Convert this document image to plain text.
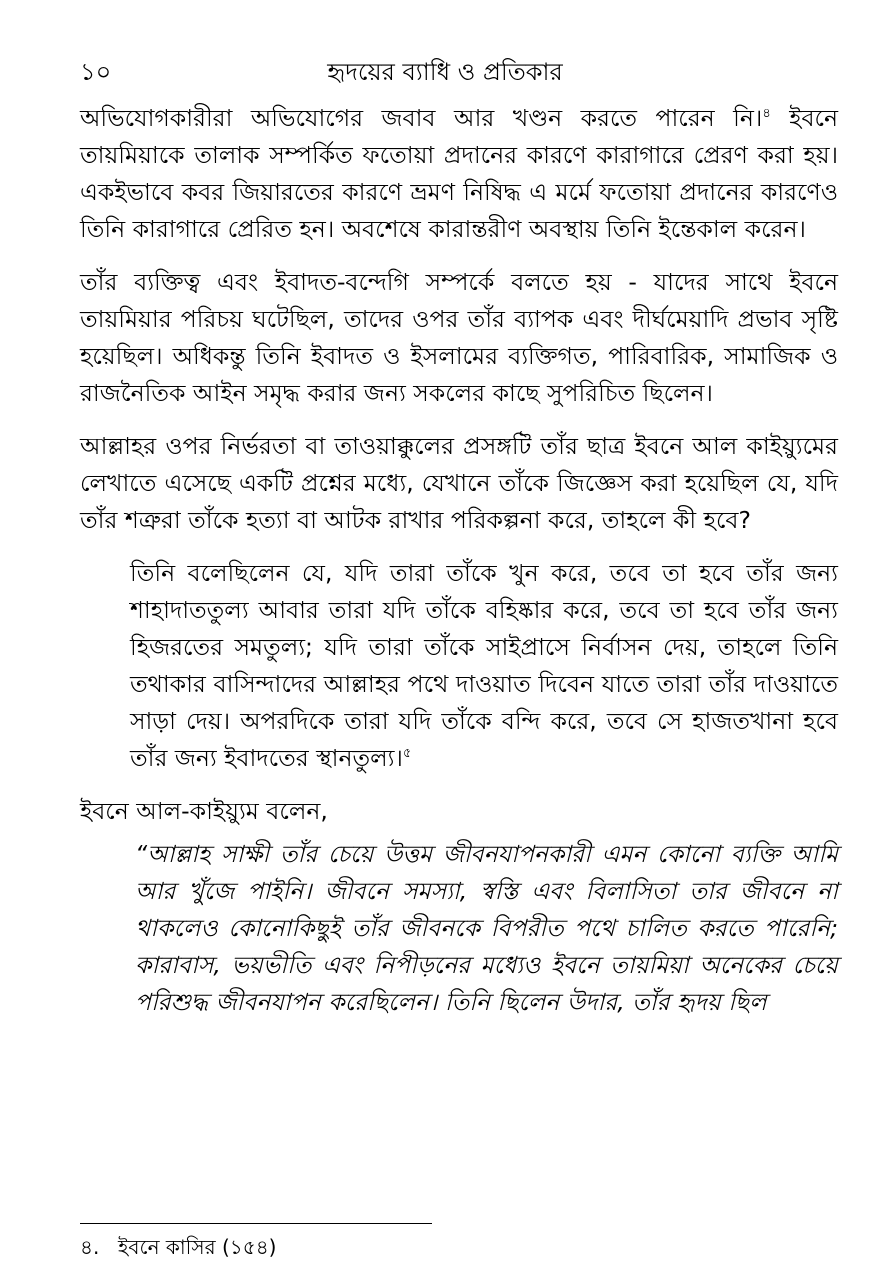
১০	হৃদয়ের ব্যাধি ও প্রতিকার

অভিযোগকারীরা অভিযোগের জবাব আর খণ্ডন করতে পারেন নি।$^৪$ ইবনে তায়মিয়াকে তালাক সম্পর্কিত ফতোয়া প্রদানের কারণে কারাগারে প্রেরণ করা হয়। একইভাবে কবর জিয়ারতের কারণে ভ্রমণ নিষিদ্ধ এ মর্মে ফতোয়া প্রদানের কারণেও তিনি কারাগারে প্রেরিত হন। অবশেষে কারান্তরীণ অবস্থায় তিনি ইন্তেকাল করেন।

তাঁর ব্যক্তিত্ব এবং ইবাদত-বন্দেগি সম্পর্কে বলতে হয় - যাদের সাথে ইবনে তায়মিয়ার পরিচয় ঘটেছিল, তাদের ওপর তাঁর ব্যাপক এবং দীর্ঘমেয়াদি প্রভাব সৃষ্টি হয়েছিল। অধিকন্তু তিনি ইবাদত ও ইসলামের ব্যক্তিগত, পারিবারিক, সামাজিক ও রাজনৈতিক আইন সমৃদ্ধ করার জন্য সকলের কাছে সুপরিচিত ছিলেন।

আল্লাহর ওপর নির্ভরতা বা তাওয়াক্কুলের প্রসঙ্গটি তাঁর ছাত্র ইবনে আল কাইয়্যুমের লেখাতে এসেছে একটি প্রশ্নের মধ্যে, যেখানে তাঁকে জিজ্ঞেস করা হয়েছিল যে, যদি তাঁর শত্রুরা তাঁকে হত্যা বা আটক রাখার পরিকল্পনা করে, তাহলে কী হবে?

তিনি বলেছিলেন যে, যদি তারা তাঁকে খুন করে, তবে তা হবে তাঁর জন্য শাহাদাততুল্য আবার তারা যদি তাঁকে বহিষ্কার করে, তবে তা হবে তাঁর জন্য হিজরতের সমতুল্য; যদি তারা তাঁকে সাইপ্রাসে নির্বাসন দেয়, তাহলে তিনি তথাকার বাসিন্দাদের আল্লাহর পথে দাওয়াত দিবেন যাতে তারা তাঁর দাওয়াতে সাড়া দেয়। অপরদিকে তারা যদি তাঁকে বন্দি করে, তবে সে হাজতখানা হবে তাঁর জন্য ইবাদতের স্থানতুল্য।$^৫$

ইবনে আল-কাইয়্যুম বলেন,

“আল্লাহ সাক্ষী তাঁর চেয়ে উত্তম জীবনযাপনকারী এমন কোনো ব্যক্তি আমি আর খুঁজে পাইনি। জীবনে সমস্যা, স্বস্তি এবং বিলাসিতা তার জীবনে না থাকলেও কোনোকিছুই তাঁর জীবনকে বিপরীত পথে চালিত করতে পারেনি; কারাবাস, ভয়ভীতি এবং নিপীড়নের মধ্যেও ইবনে তায়মিয়া অনেকের চেয়ে পরিশুদ্ধ জীবনযাপন করেছিলেন। তিনি ছিলেন উদার, তাঁর হৃদয় ছিল

৪. ইবনে কাসির (১৫৪)
